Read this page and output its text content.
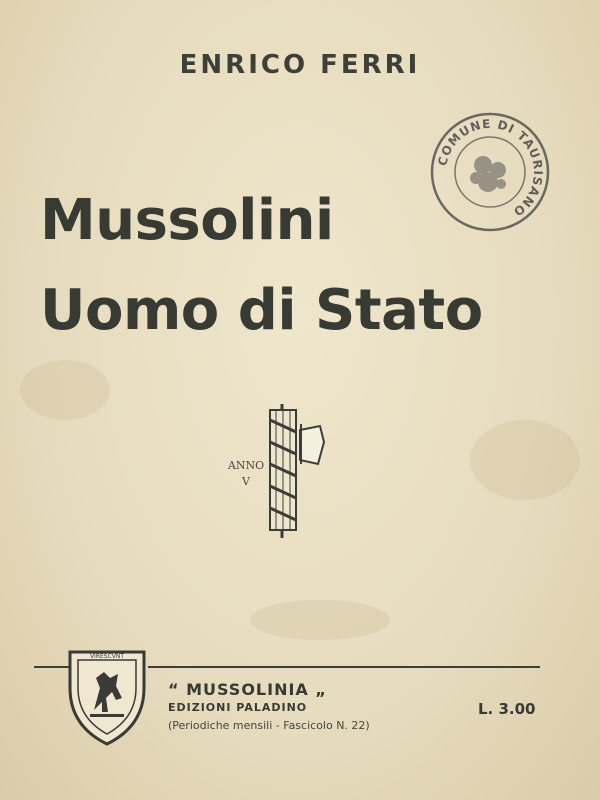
ENRICO FERRI
Mussolini
Uomo di Stato
COMUNE DI TAURISANO
ANNO
V
VIRESCVNT
“ MUSSOLINIA „
EDIZIONI PALADINO
(Periodiche mensili - Fascicolo N. 22)
L. 3.00
